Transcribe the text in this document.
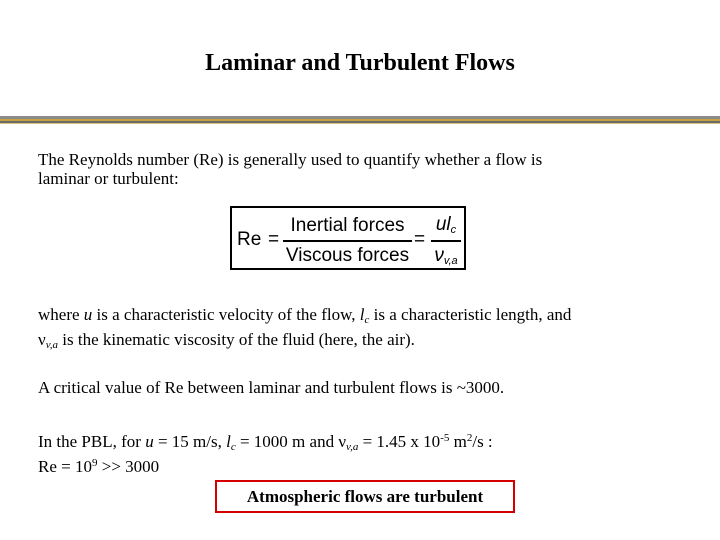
Laminar and Turbulent Flows
The Reynolds number (Re) is generally used to quantify whether a flow is
laminar or turbulent:
Re =
Inertial forces
Viscous forces
=
$ul_c$
$\nu_{v,a}$
where u is a characteristic velocity of the flow, $l_c$ is a characteristic length, and
$\nu_{v,a}$ is the kinematic viscosity of the fluid (here, the air).
A critical value of Re between laminar and turbulent flows is ~3000.
In the PBL, for u = 15 m/s, $l_c = 1000$ m and $\nu_{v,a} = 1.45$ x $10^{-5}$ $m^2/s$ :
$Re = 10^9 >> 3000$
Atmospheric flows are turbulent
